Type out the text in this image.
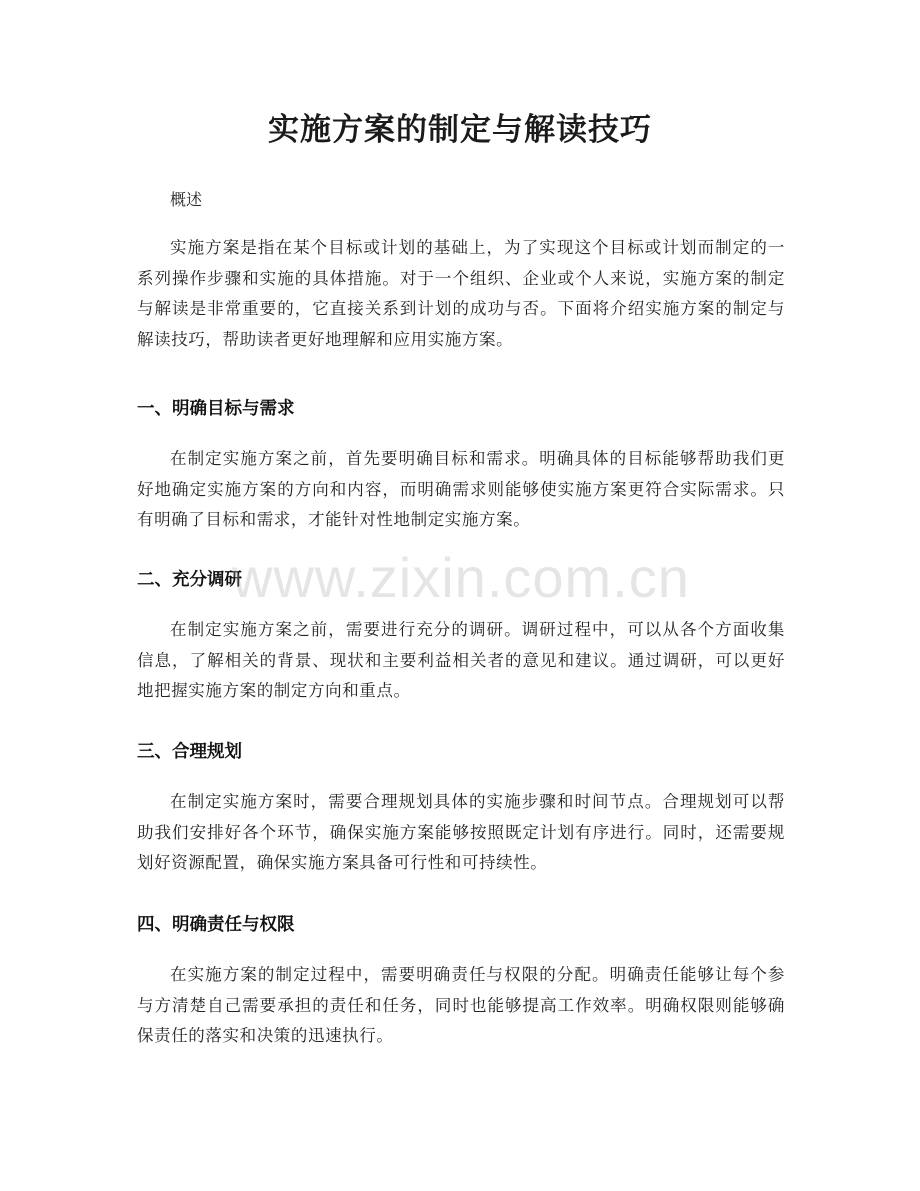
实施方案的制定与解读技巧
概述
实施方案是指在某个目标或计划的基础上，为了实现这个目标或计划而制定的一系列操作步骤和实施的具体措施。对于一个组织、企业或个人来说，实施方案的制定与解读是非常重要的，它直接关系到计划的成功与否。下面将介绍实施方案的制定与解读技巧，帮助读者更好地理解和应用实施方案。
一、明确目标与需求
在制定实施方案之前，首先要明确目标和需求。明确具体的目标能够帮助我们更好地确定实施方案的方向和内容，而明确需求则能够使实施方案更符合实际需求。只有明确了目标和需求，才能针对性地制定实施方案。
二、充分调研
在制定实施方案之前，需要进行充分的调研。调研过程中，可以从各个方面收集信息，了解相关的背景、现状和主要利益相关者的意见和建议。通过调研，可以更好地把握实施方案的制定方向和重点。
三、合理规划
在制定实施方案时，需要合理规划具体的实施步骤和时间节点。合理规划可以帮助我们安排好各个环节，确保实施方案能够按照既定计划有序进行。同时，还需要规划好资源配置，确保实施方案具备可行性和可持续性。
四、明确责任与权限
在实施方案的制定过程中，需要明确责任与权限的分配。明确责任能够让每个参与方清楚自己需要承担的责任和任务，同时也能够提高工作效率。明确权限则能够确保责任的落实和决策的迅速执行。
www.zixin.com.cn
